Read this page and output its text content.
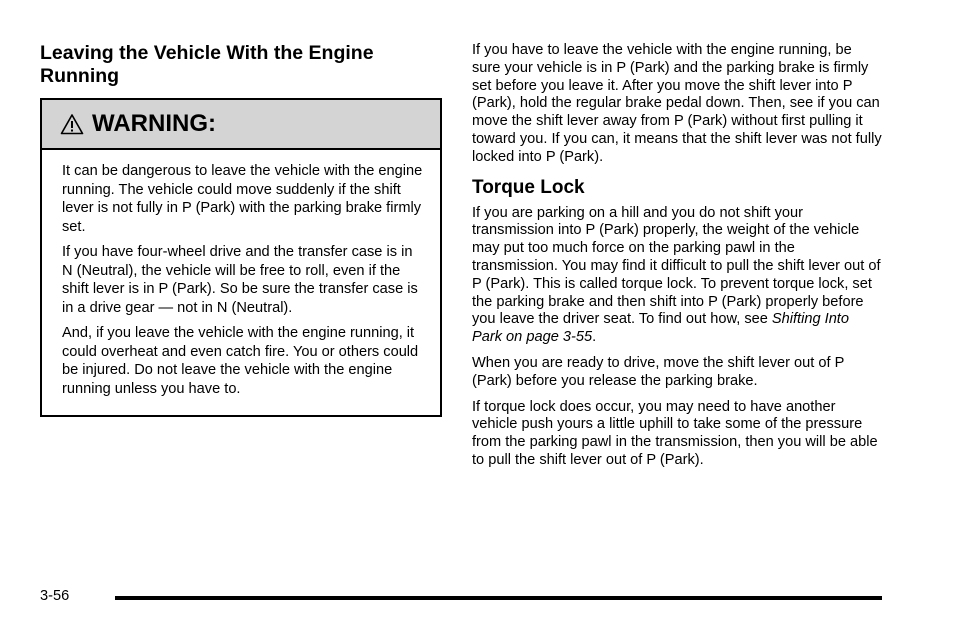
Leaving the Vehicle With the Engine Running
WARNING:

It can be dangerous to leave the vehicle with the engine running. The vehicle could move suddenly if the shift lever is not fully in P (Park) with the parking brake firmly set.

If you have four-wheel drive and the transfer case is in N (Neutral), the vehicle will be free to roll, even if the shift lever is in P (Park). So be sure the transfer case is in a drive gear — not in N (Neutral).

And, if you leave the vehicle with the engine running, it could overheat and even catch fire. You or others could be injured. Do not leave the vehicle with the engine running unless you have to.

If you have to leave the vehicle with the engine running, be sure your vehicle is in P (Park) and the parking brake is firmly set before you leave it. After you move the shift lever into P (Park), hold the regular brake pedal down. Then, see if you can move the shift lever away from P (Park) without first pulling it toward you. If you can, it means that the shift lever was not fully locked into P (Park).

Torque Lock

If you are parking on a hill and you do not shift your transmission into P (Park) properly, the weight of the vehicle may put too much force on the parking pawl in the transmission. You may find it difficult to pull the shift lever out of P (Park). This is called torque lock. To prevent torque lock, set the parking brake and then shift into P (Park) properly before you leave the driver seat. To find out how, see Shifting Into Park on page 3-55.

When you are ready to drive, move the shift lever out of P (Park) before you release the parking brake.

If torque lock does occur, you may need to have another vehicle push yours a little uphill to take some of the pressure from the parking pawl in the transmission, then you will be able to pull the shift lever out of P (Park).

3-56
